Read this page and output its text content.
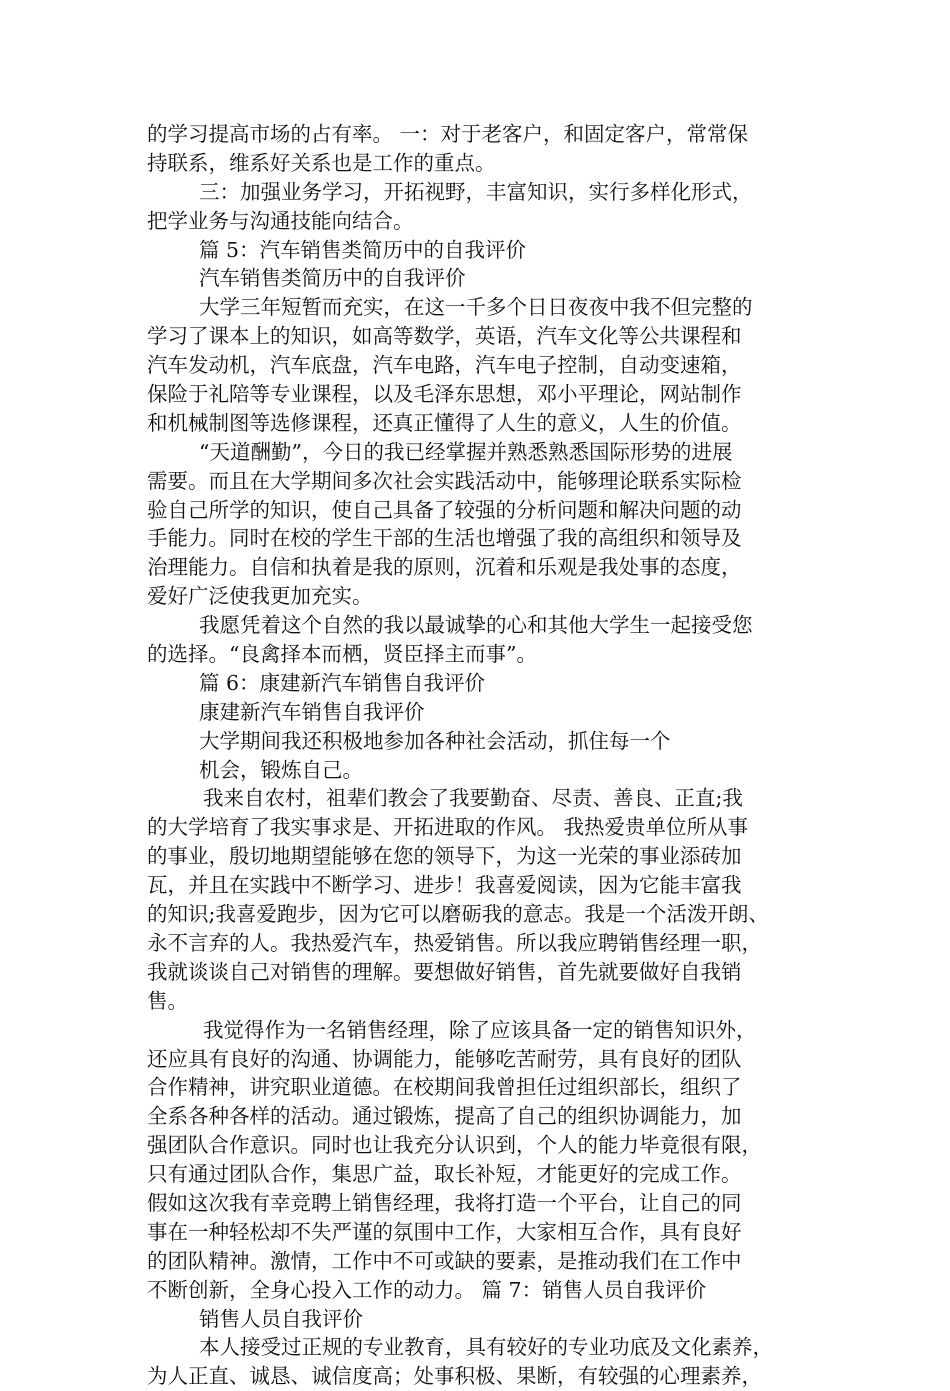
的学习提高市场的占有率。 一：对于老客户，和固定客户，常常保
持联系，维系好关系也是工作的重点。
三：加强业务学习，开拓视野，丰富知识，实行多样化形式，
把学业务与沟通技能向结合。
篇 5：汽车销售类简历中的自我评价
汽车销售类简历中的自我评价
大学三年短暂而充实，在这一千多个日日夜夜中我不但完整的
学习了课本上的知识，如高等数学，英语，汽车文化等公共课程和
汽车发动机，汽车底盘，汽车电路，汽车电子控制，自动变速箱，
保险于礼陪等专业课程，以及毛泽东思想，邓小平理论，网站制作
和机械制图等选修课程，还真正懂得了人生的意义，人生的价值。
“天道酬勤”，今日的我已经掌握并熟悉熟悉国际形势的进展
需要。而且在大学期间多次社会实践活动中，能够理论联系实际检
验自己所学的知识，使自己具备了较强的分析问题和解决问题的动
手能力。同时在校的学生干部的生活也增强了我的高组织和领导及
治理能力。自信和执着是我的原则，沉着和乐观是我处事的态度，
爱好广泛使我更加充实。
我愿凭着这个自然的我以最诚挚的心和其他大学生一起接受您
的选择。“良禽择本而栖，贤臣择主而事”。
篇 6：康建新汽车销售自我评价
康建新汽车销售自我评价
大学期间我还积极地参加各种社会活动，抓住每一个
机会，锻炼自己。
我来自农村，祖辈们教会了我要勤奋、尽责、善良、正直;我
的大学培育了我实事求是、开拓进取的作风。 我热爱贵单位所从事
的事业，殷切地期望能够在您的领导下，为这一光荣的事业添砖加
瓦，并且在实践中不断学习、进步！我喜爱阅读，因为它能丰富我
的知识;我喜爱跑步，因为它可以磨砺我的意志。我是一个活泼开朗、
永不言弃的人。我热爱汽车，热爱销售。所以我应聘销售经理一职，
我就谈谈自己对销售的理解。要想做好销售，首先就要做好自我销
售。
我觉得作为一名销售经理，除了应该具备一定的销售知识外，
还应具有良好的沟通、协调能力，能够吃苦耐劳，具有良好的团队
合作精神，讲究职业道德。在校期间我曾担任过组织部长，组织了
全系各种各样的活动。通过锻炼，提高了自己的组织协调能力，加
强团队合作意识。同时也让我充分认识到，个人的能力毕竟很有限，
只有通过团队合作，集思广益，取长补短，才能更好的完成工作。
假如这次我有幸竞聘上销售经理，我将打造一个平台，让自己的同
事在一种轻松却不失严谨的氛围中工作，大家相互合作，具有良好
的团队精神。激情，工作中不可或缺的要素，是推动我们在工作中
不断创新，全身心投入工作的动力。 篇 7：销售人员自我评价
销售人员自我评价
本人接受过正规的专业教育，具有较好的专业功底及文化素养，
为人正直、诚恳、诚信度高；处事积极、果断，有较强的心理素养，
